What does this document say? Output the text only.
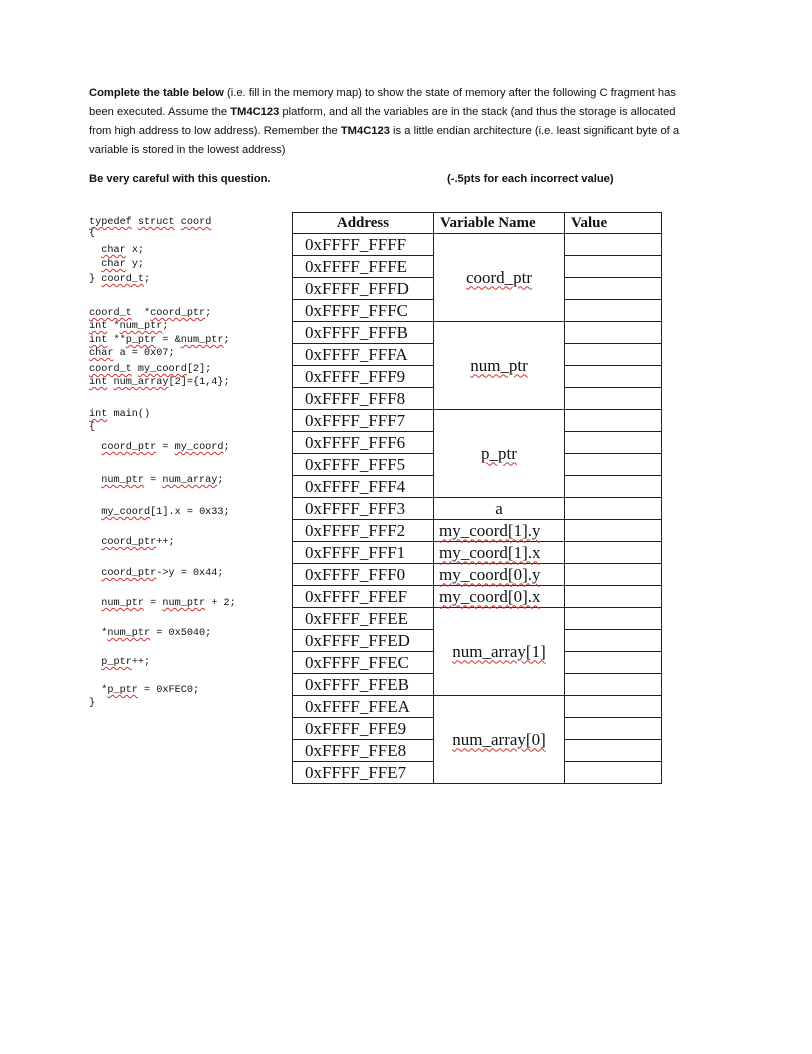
Complete the table below (i.e. fill in the memory map) to show the state of memory after the following C fragment has been executed. Assume the TM4C123 platform, and all the variables are in the stack (and thus the storage is allocated from high address to low address). Remember the TM4C123 is a little endian architecture (i.e. least significant byte of a variable is stored in the lowest address)
Be very careful with this question.	(-.5pts for each incorrect value)
typedef struct coord
{
char x;
char y;
} coord_t;
coord_t  *coord_ptr;
int *num_ptr;
int **p_ptr = &num_ptr;
char a = 0x07;
coord_t my_coord[2];
int num_array[2]={1,4};
int main()
{
coord_ptr = my_coord;
num_ptr = num_array;
my_coord[1].x = 0x33;
coord_ptr++;
coord_ptr->y = 0x44;
num_ptr = num_ptr + 2;
*num_ptr = 0x5040;
p_ptr++;
*p_ptr = 0xFEC0;
}
Address	Variable Name	Value
0xFFFF_FFFF	coord_ptr	
0xFFFF_FFFE		
0xFFFF_FFFD		
0xFFFF_FFFC		
0xFFFF_FFFB	num_ptr	
0xFFFF_FFFA		
0xFFFF_FFF9		
0xFFFF_FFF8		
0xFFFF_FFF7	p_ptr	
0xFFFF_FFF6		
0xFFFF_FFF5		
0xFFFF_FFF4		
0xFFFF_FFF3	a	
0xFFFF_FFF2	my_coord[1].y	
0xFFFF_FFF1	my_coord[1].x	
0xFFFF_FFF0	my_coord[0].y	
0xFFFF_FFEF	my_coord[0].x	
0xFFFF_FFEE	num_array[1]	
0xFFFF_FFED		
0xFFFF_FFEC		
0xFFFF_FFEB		
0xFFFF_FFEA	num_array[0]	
0xFFFF_FFE9		
0xFFFF_FFE8		
0xFFFF_FFE7		
